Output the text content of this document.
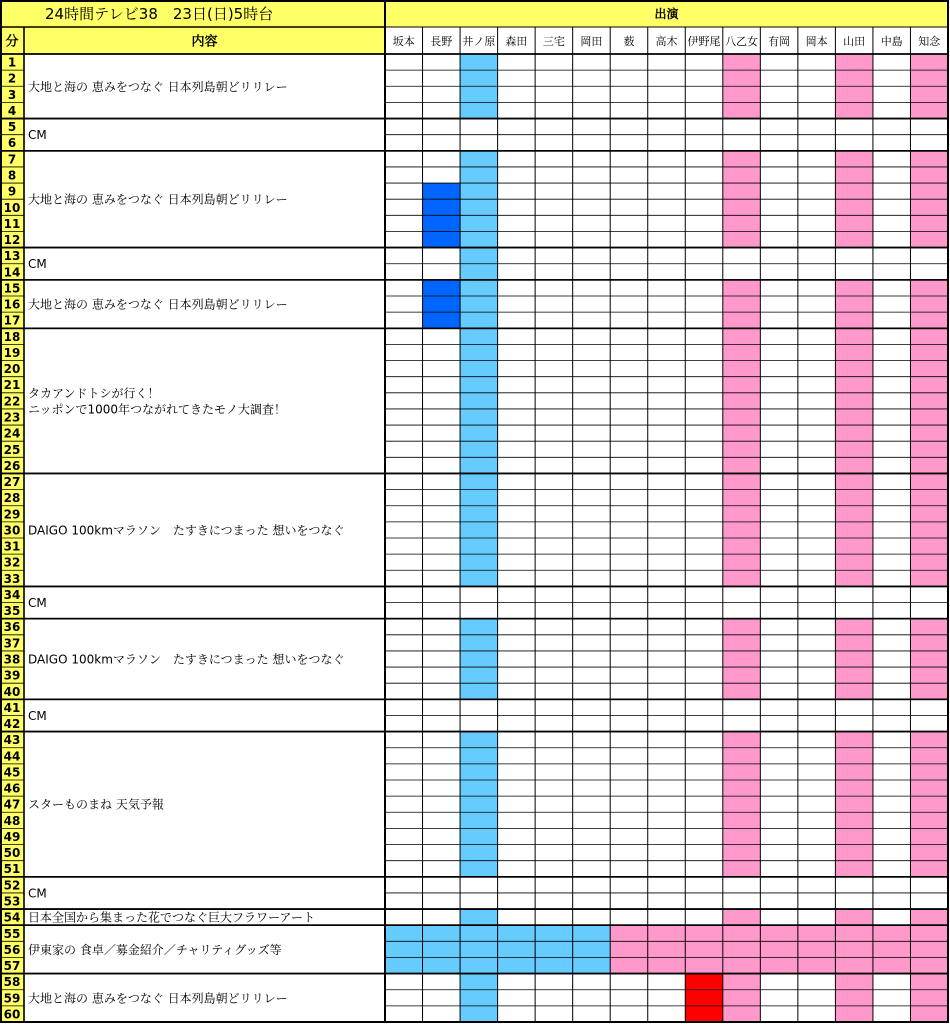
大地と海の 恵みをつなぐ 日本列島朝どリリレー
CM
大地と海の 恵みをつなぐ 日本列島朝どリリレー
CM
大地と海の 恵みをつなぐ 日本列島朝どリリレー
タカアンドトシが行く！
ニッポンで1000年つながれてきたモノ大調査！
DAIGO 100kmマラソン　たすきにつまった 想いをつなぐ
CM
DAIGO 100kmマラソン　たすきにつまった 想いをつなぐ
CM
スターものまね 天気予報
CM
日本全国から集まった花でつなぐ巨大フラワーアート
伊東家の 食卓／募金紹介／チャリティグッズ等
大地と海の 恵みをつなぐ 日本列島朝どリリレー
1
2
3
4
5
6
7
8
9
10
11
12
13
14
15
16
17
18
19
20
21
22
23
24
25
26
27
28
29
30
31
32
33
34
35
36
37
38
39
40
41
42
43
44
45
46
47
48
49
50
51
52
53
54
55
56
57
58
59
60
坂本 長野 井ノ原 森田 三宅 岡田 薮 高木 伊野尾 八乙女 有岡 岡本 山田 中島 知念
24時間テレビ38　23日(日)5時台	出演
分	内容
